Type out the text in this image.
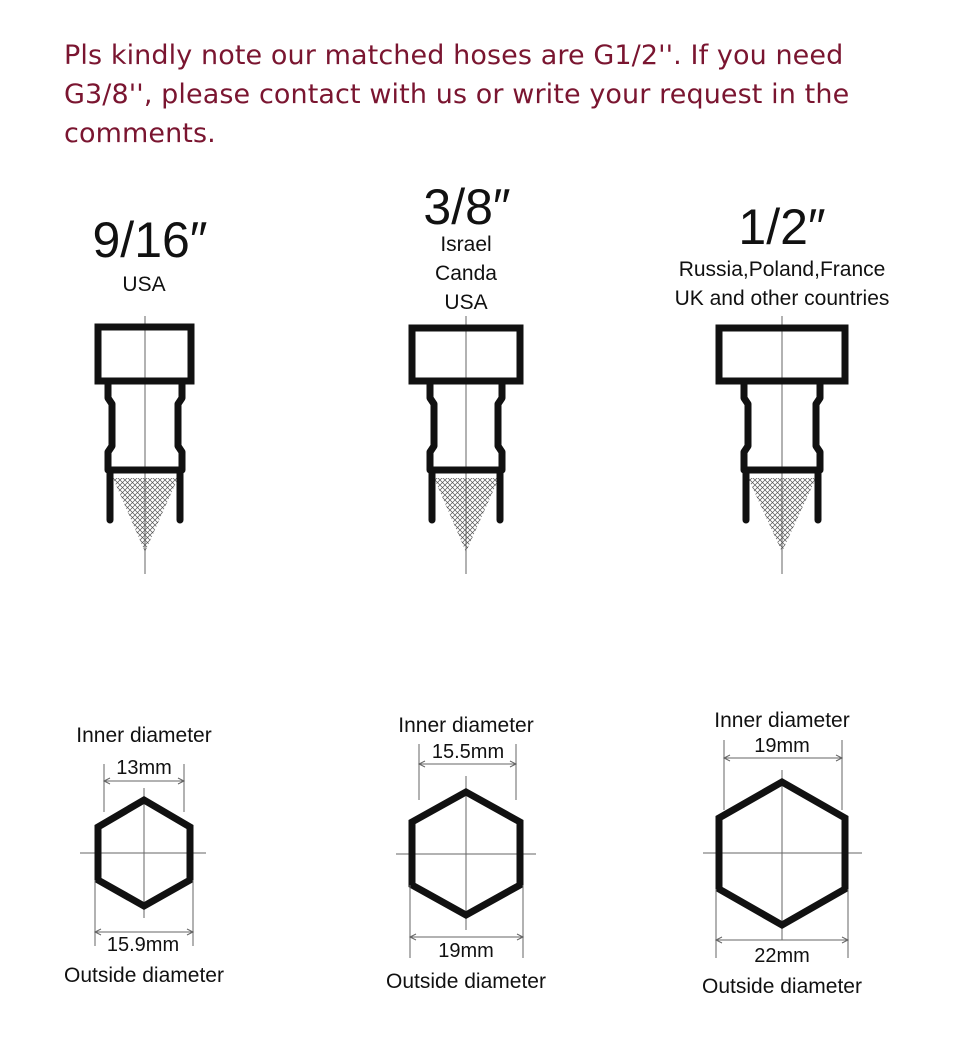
Pls kindly note our matched hoses are G1/2''. If you need
G3/8'', please contact with us or write your request in the
comments.
9/16″
USA
3/8″
Israel
Canda
USA
1/2″
Russia,Poland,France
UK and other countries
Inner diameter
13mm
15.9mm
Outside diameter
Inner diameter
15.5mm
19mm
Outside diameter
Inner diameter
19mm
22mm
Outside diameter
